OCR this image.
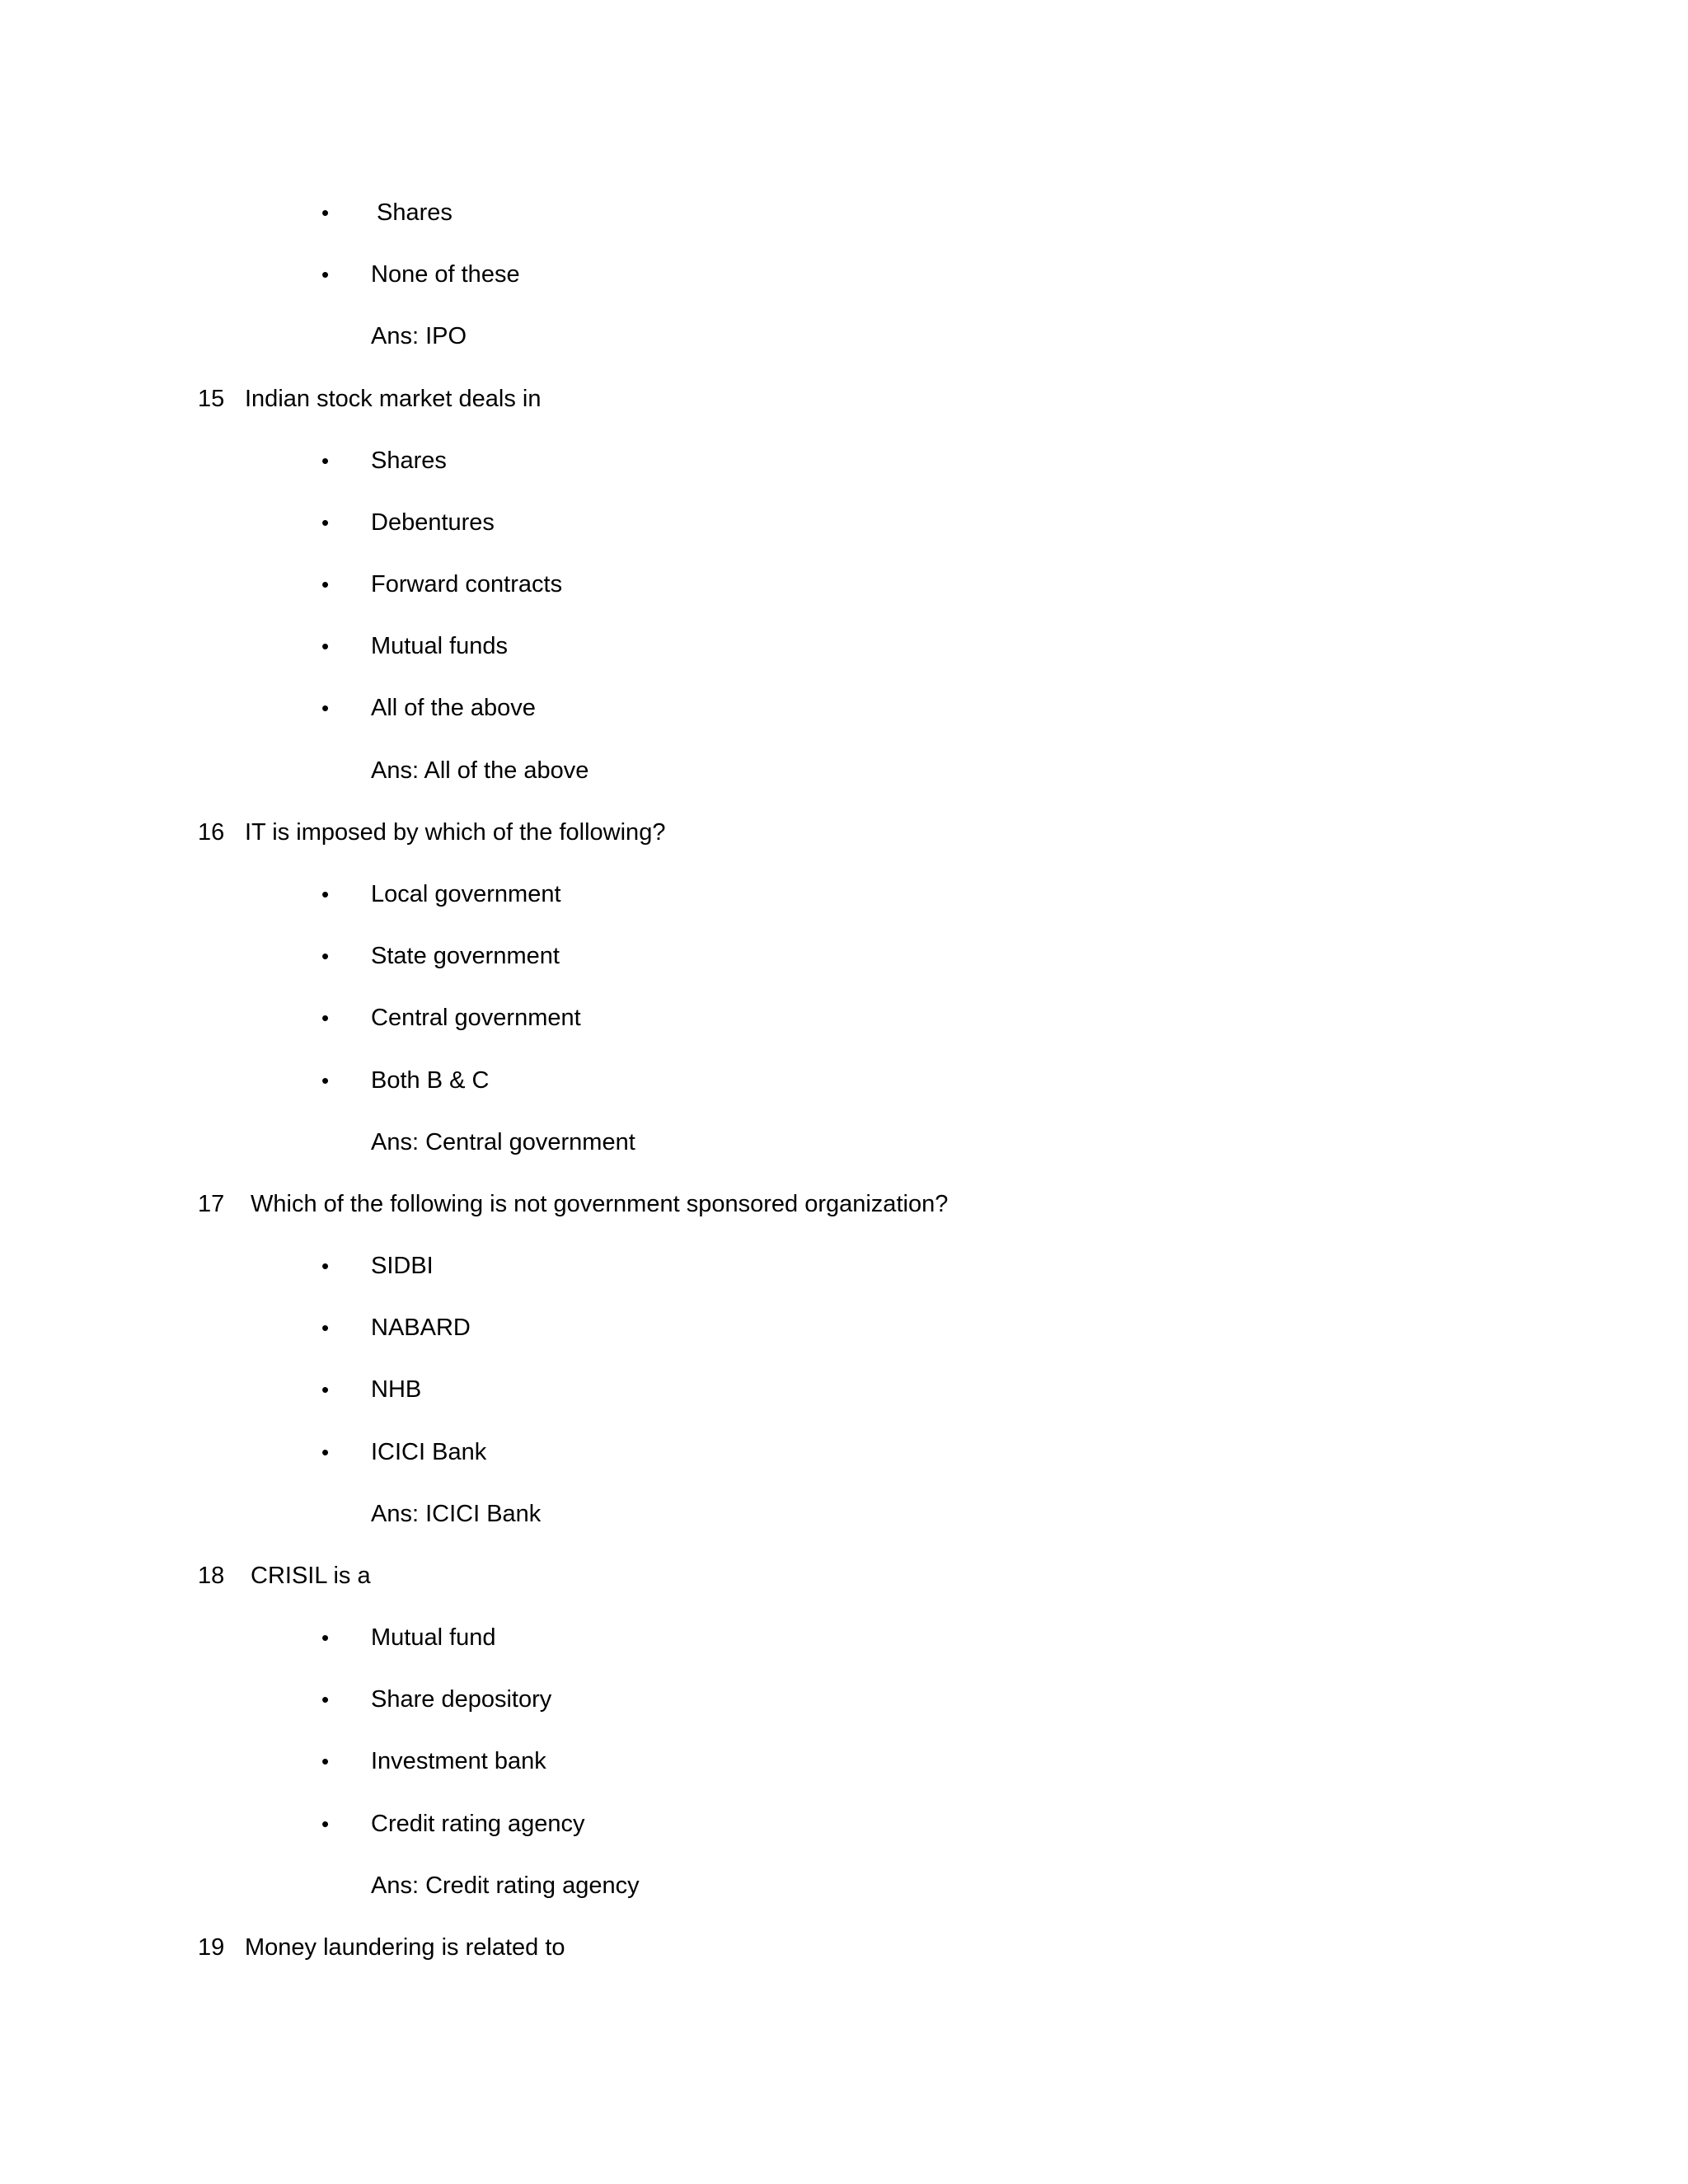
• Shares
• None of these
Ans: IPO
15 Indian stock market deals in
• Shares
• Debentures
• Forward contracts
• Mutual funds
• All of the above
Ans: All of the above
16 IT is imposed by which of the following?
• Local government
• State government
• Central government
• Both B & C
Ans: Central government
17 Which of the following is not government sponsored organization?
• SIDBI
• NABARD
• NHB
• ICICI Bank
Ans: ICICI Bank
18 CRISIL is a
• Mutual fund
• Share depository
• Investment bank
• Credit rating agency
Ans: Credit rating agency
19 Money laundering is related to
